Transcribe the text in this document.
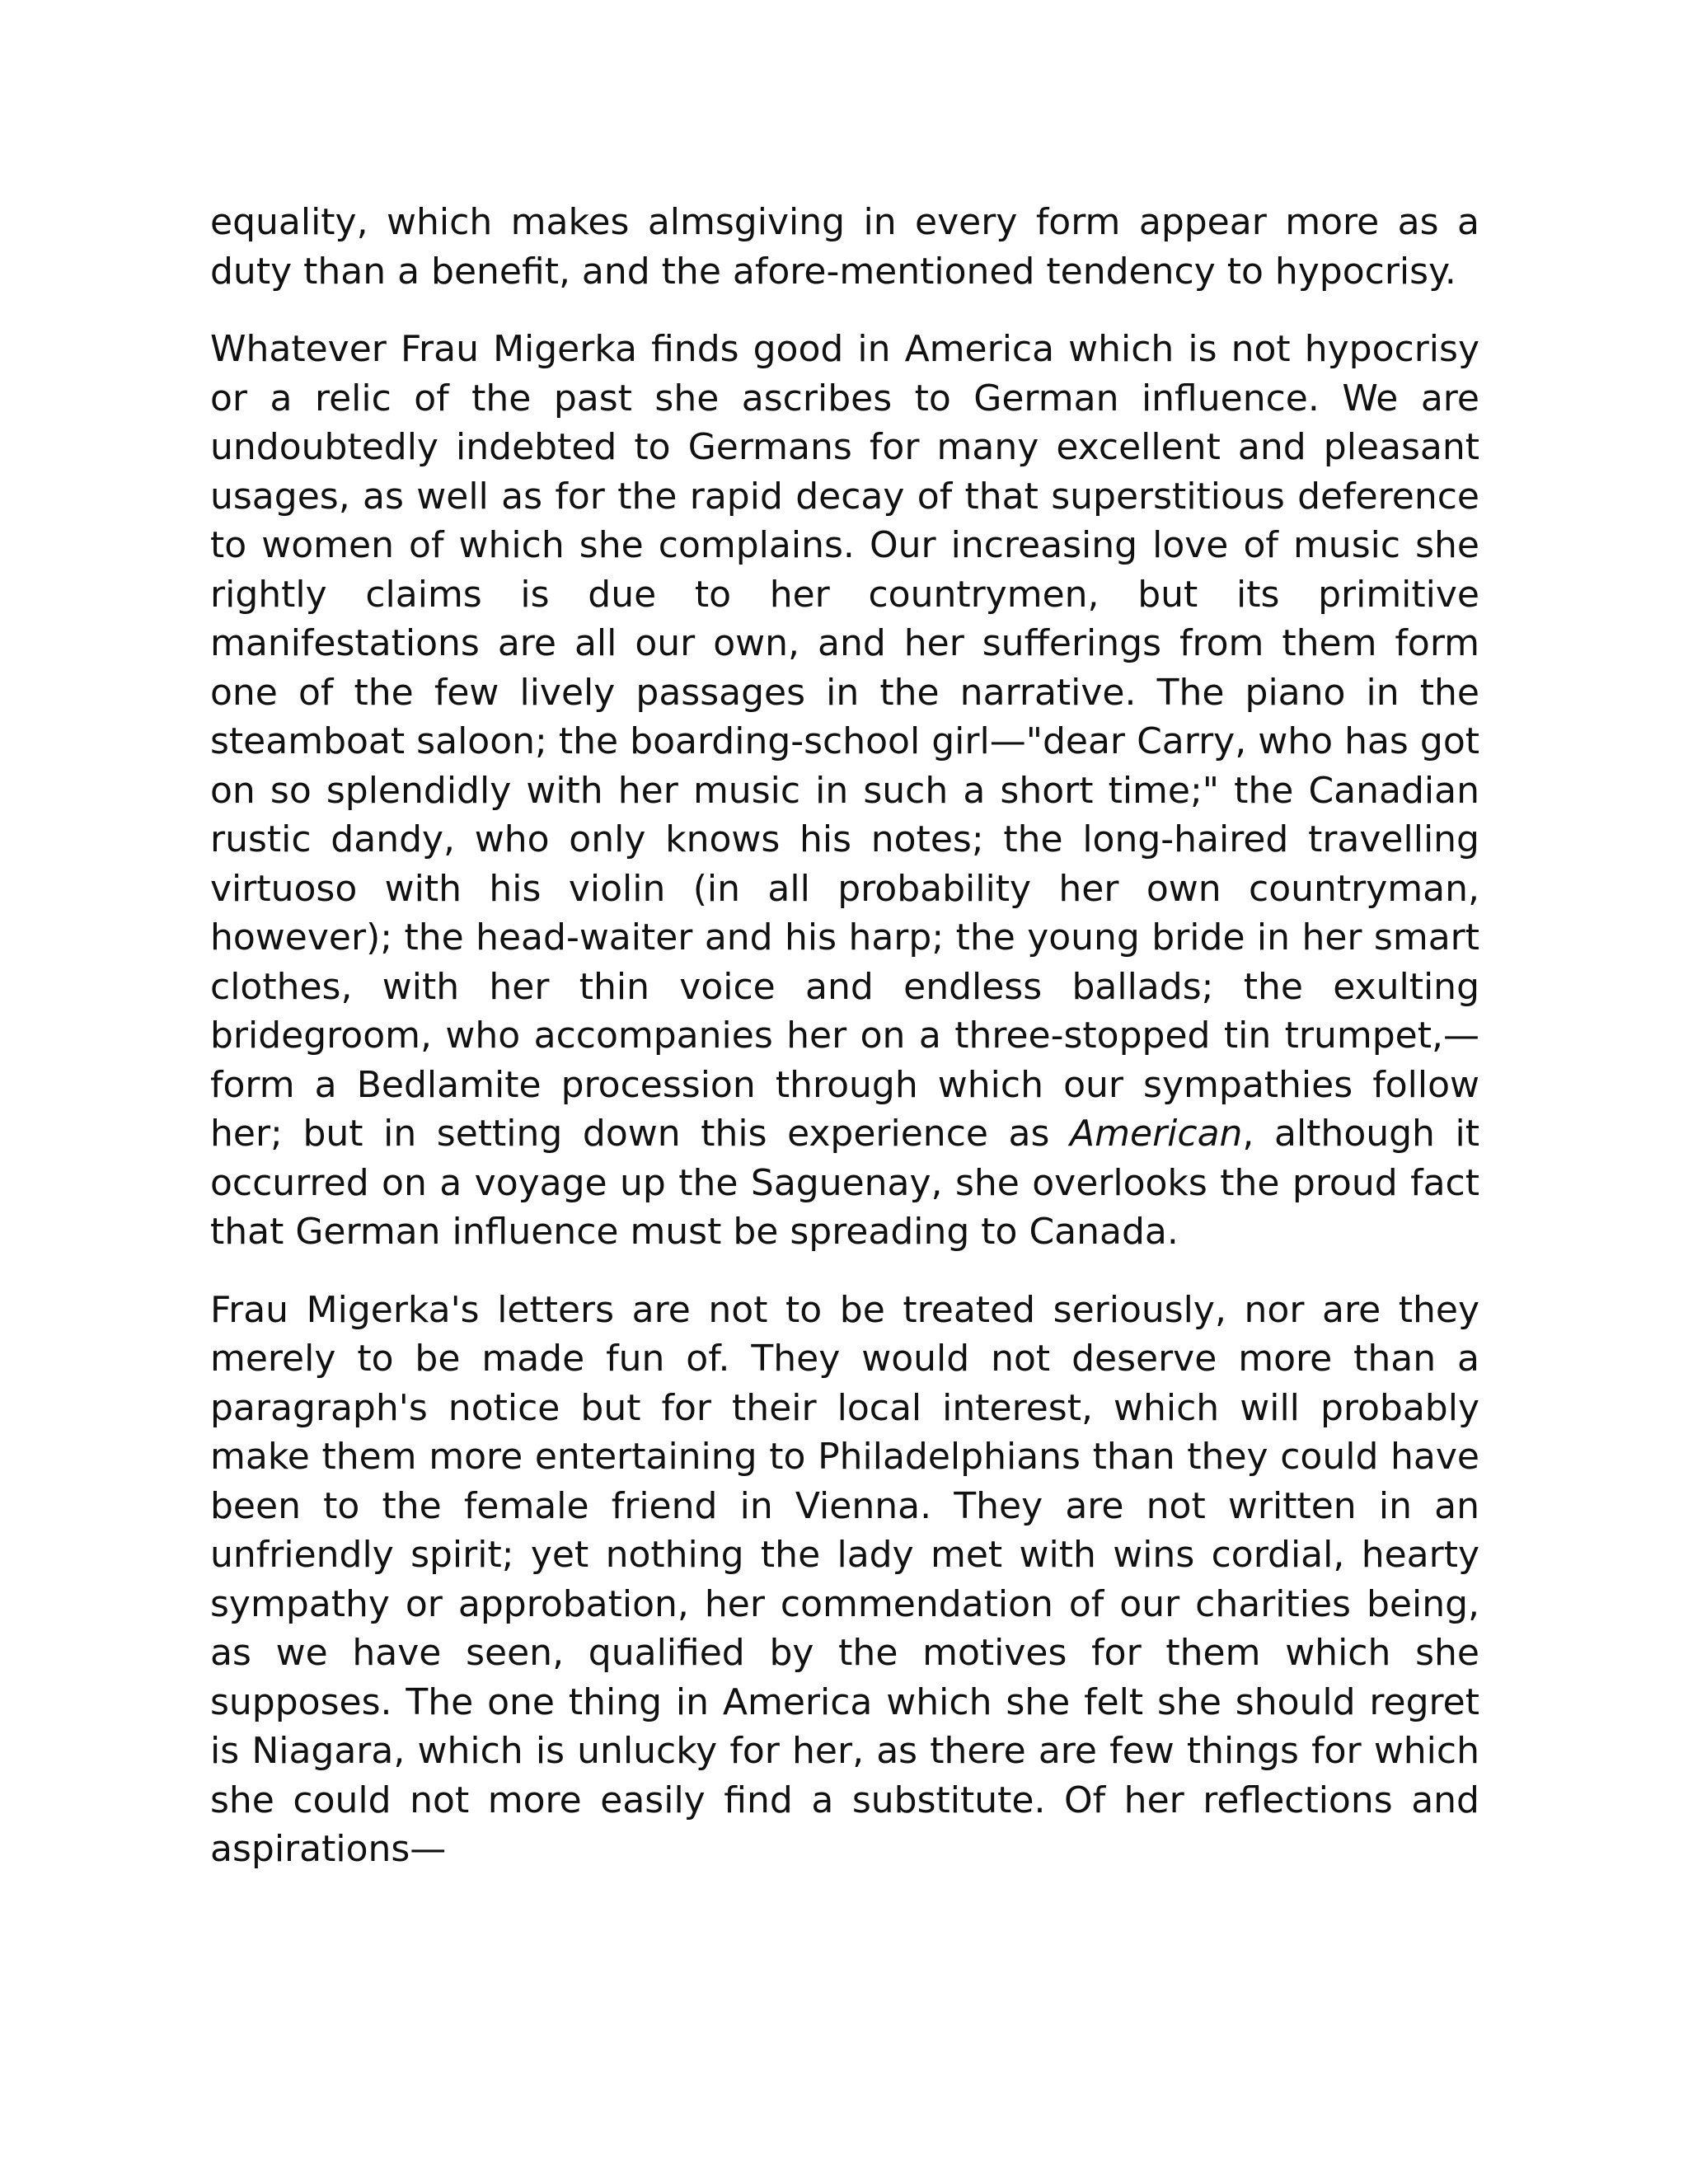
equality, which makes almsgiving in every form appear more as a duty than a benefit, and the afore-mentioned tendency to hypocrisy.

Whatever Frau Migerka finds good in America which is not hypocrisy or a relic of the past she ascribes to German influence. We are undoubtedly indebted to Germans for many excellent and pleasant usages, as well as for the rapid decay of that superstitious deference to women of which she complains. Our increasing love of music she rightly claims is due to her countrymen, but its primitive manifestations are all our own, and her sufferings from them form one of the few lively passages in the narrative. The piano in the steamboat saloon; the boarding-school girl—"dear Carry, who has got on so splendidly with her music in such a short time;" the Canadian rustic dandy, who only knows his notes; the long-haired travelling virtuoso with his violin (in all probability her own countryman, however); the head-waiter and his harp; the young bride in her smart clothes, with her thin voice and endless ballads; the exulting bridegroom, who accompanies her on a three-stopped tin trumpet,—form a Bedlamite procession through which our sympathies follow her; but in setting down this experience as American, although it occurred on a voyage up the Saguenay, she overlooks the proud fact that German influence must be spreading to Canada.

Frau Migerka's letters are not to be treated seriously, nor are they merely to be made fun of. They would not deserve more than a paragraph's notice but for their local interest, which will probably make them more entertaining to Philadelphians than they could have been to the female friend in Vienna. They are not written in an unfriendly spirit; yet nothing the lady met with wins cordial, hearty sympathy or approbation, her commendation of our charities being, as we have seen, qualified by the motives for them which she supposes. The one thing in America which she felt she should regret is Niagara, which is unlucky for her, as there are few things for which she could not more easily find a substitute. Of her reflections and aspirations—
